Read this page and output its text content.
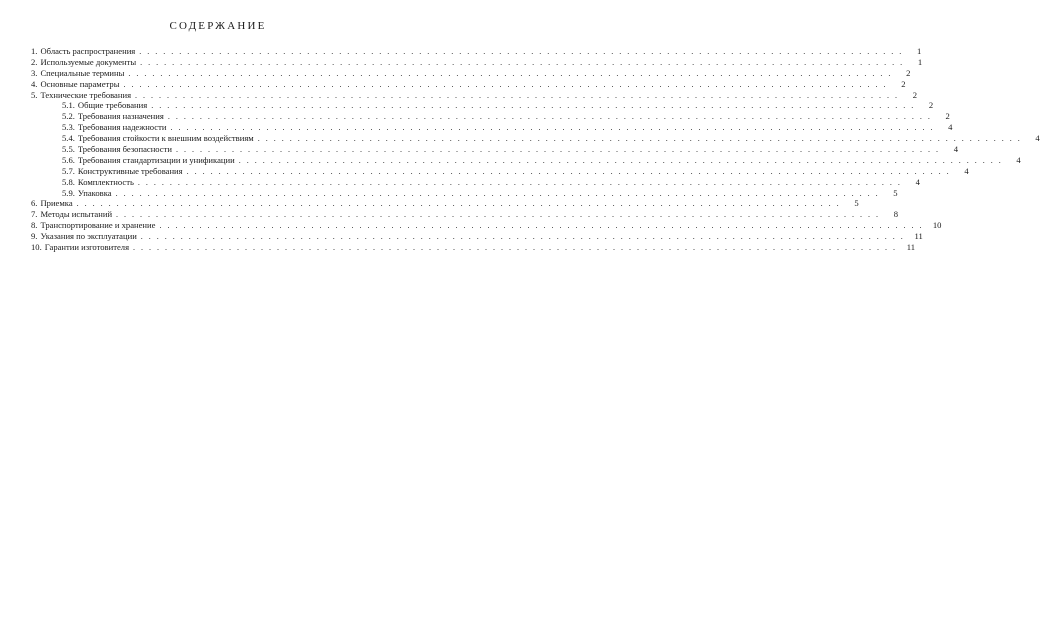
СОДЕРЖАНИЕ
1. Область распространения ................................................................................................	1
2. Используемые документы ................................................................................................	1
3. Специальные термины ................................................................................................	2
4. Основные параметры ................................................................................................	2
5. Технические требования ................................................................................................	2
5.1. Общие требования ................................................................................................	2
5.2. Требования назначения ................................................................................................	2
5.3. Требования надежности ................................................................................................	4
5.4. Требования стойкости к внешним воздействиям ................................................................................................	4
5.5. Требования безопасности ................................................................................................	4
5.6. Требования стандартизации и унификации ................................................................................................	4
5.7. Конструктивные требования ................................................................................................	4
5.8. Комплектность ................................................................................................	4
5.9. Упаковка ................................................................................................	5
6. Приемка ................................................................................................	5
7. Методы испытаний ................................................................................................	8
8. Транспортирование и хранение ................................................................................................ 10
9. Указания по эксплуатации ................................................................................................ 11
10. Гарантии изготовителя ................................................................................................ 11
